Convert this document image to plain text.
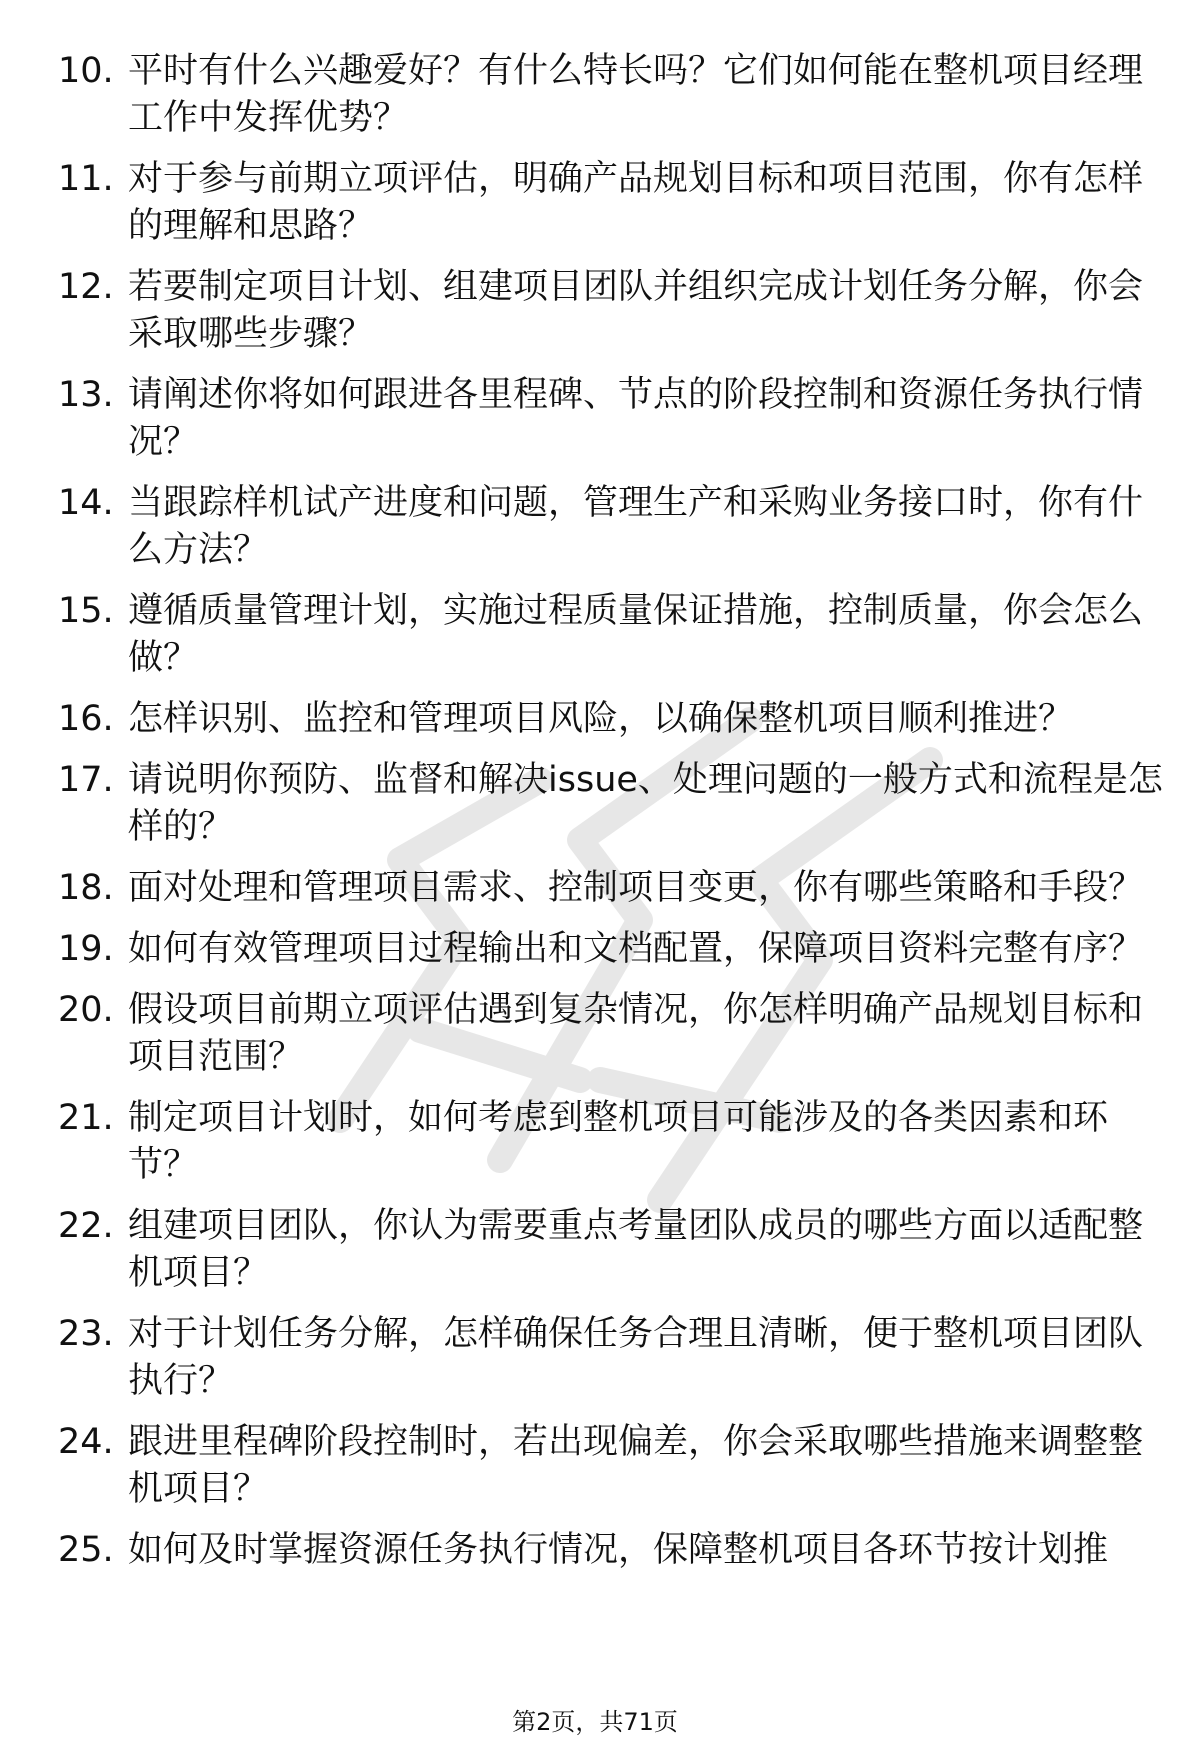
10. 平时有什么兴趣爱好？有什么特长吗？它们如何能在整机项目经理工作中发挥优势？
11. 对于参与前期立项评估，明确产品规划目标和项目范围，你有怎样的理解和思路？
12. 若要制定项目计划、组建项目团队并组织完成计划任务分解，你会采取哪些步骤？
13. 请阐述你将如何跟进各里程碑、节点的阶段控制和资源任务执行情况？
14. 当跟踪样机试产进度和问题，管理生产和采购业务接口时，你有什么方法？
15. 遵循质量管理计划，实施过程质量保证措施，控制质量，你会怎么做？
16. 怎样识别、监控和管理项目风险，以确保整机项目顺利推进？
17. 请说明你预防、监督和解决issue、处理问题的一般方式和流程是怎样的？
18. 面对处理和管理项目需求、控制项目变更，你有哪些策略和手段？
19. 如何有效管理项目过程输出和文档配置，保障项目资料完整有序？
20. 假设项目前期立项评估遇到复杂情况，你怎样明确产品规划目标和项目范围？
21. 制定项目计划时，如何考虑到整机项目可能涉及的各类因素和环节？
22. 组建项目团队，你认为需要重点考量团队成员的哪些方面以适配整机项目？
23. 对于计划任务分解，怎样确保任务合理且清晰，便于整机项目团队执行？
24. 跟进里程碑阶段控制时，若出现偏差，你会采取哪些措施来调整整机项目？
25. 如何及时掌握资源任务执行情况，保障整机项目各环节按计划推
第2页，共71页
